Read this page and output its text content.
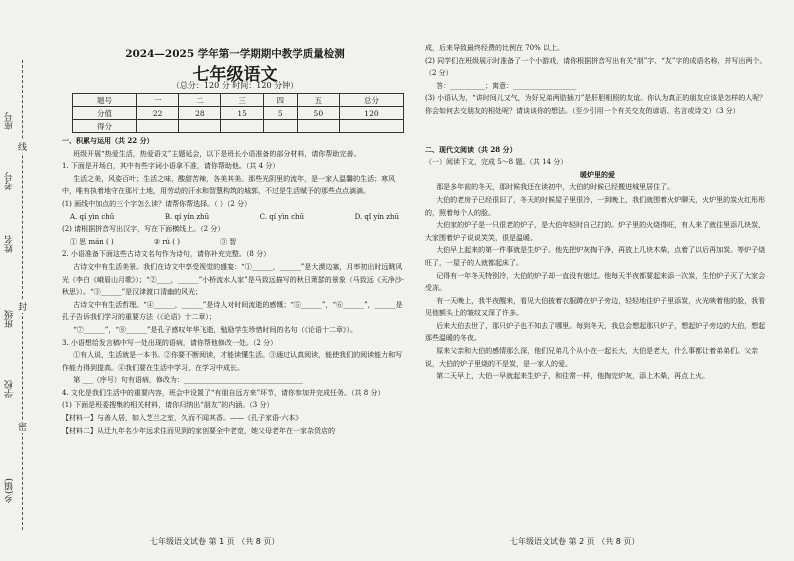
乡(镇)
学校
班级
姓名
考号
座号
密
封
线
2024—2025 学年第一学期期中教学质量检测
七年级语文
（总分：120 分 时间：120 分钟）
题号	一	二	三	四	五	总分
分值	22	28	15	5	50	120
得分						

一、积累与运用（共 22 分）

班级开展“热爱生活，热爱语文”主题延会，以下是班长小语准备的部分材料，请你帮助完善。

1. 下面是开场白，其中有些字词小语拿不准，请你帮助他。（共 4 分）

生活之美，风姿百叶；生活之味，酸甜苦辣，各美其美。那些光阴里的流年，是一家人温馨的生活；寒风中，唯有执着地守在那片土地，用劳动的汗水和智慧构筑的城郭，不过是生活赋予的那些点点滴滴。

(1) 画线中加点的三个字怎么读？请帮你帮选择。（ ）（2 分）

A. qí yìn chū	B. qí yín zhū	C. qí yìn chū	D. qǐ yín zhū

(2) 请根据拼音写出汉字，写在下面横线上。（2 分）

① 思 mán ( )	② rú ( )	③ 智

2. 小语准备下面这些古诗文名句作为诗句，请你补充完整。（8 分）

古诗文中有生活美景。我们在诗文中享受视觉的盛宴：“①______，______”是大漠边塞，月率初出时远眺风光（李白《峨眉山月歌》）；“②____，______”小桥流水人家”是马致远描写的秋日萧瑟的景象（马致远《天净沙·秋思》）。“③______”是汉津渡口清幽的风光；

古诗文中有生活哲理。“④______，______”是诗人对时间流逝的感慨；“⑤______”，“⑥______”，______是孔子告诉我们学习的重要方法（《论语》十二章）；

“⑦______”，“⑧______”是孔子感叹年华飞逝，勉励学生珍惜时间的名句（《论语十二章》）。

3. 小语想给发言稿中写一处出现的语病，请你帮他修改一处。（2 分）

①有人说，生活就是一本书。②你要不断阅读，才能读懂生活。③通过认真阅读，能使我们的阅读能力和写作能力得到提高。④我们要在生活中学习，在学习中成长。

第 ___（序号）句有语病，修改为：__________________________________

4. 文化是我们生活中的重要内容，班会中设置了“有朋自远方来”环节，请你参加并完成任务。（共 8 分）

(1) 下面是班委搜集的相关材料，请你归纳出“朋友”的内涵。（3 分）

【材料一】与善人居，如入芝兰之室，久而不闻其香。——《孔子家语·六本》

【材料二】从迁九年名少年远求住而见到的家创要全中老宽，她父母老年在一家杂货店的

七年级语文试卷 第 1 页 （共 8 页）

成，后来导致最终经费的比例在 70% 以上。

(2) 同学们在班级展示时准备了一个小游戏，请你根据拼音写出有关“朋”字、“友”字的成语名称，并写出两个。（2 分）

答：__________；寓意：__________________

(3) 小语认为，“讲时间儿又气，为好兄弟两肋插刀”是肝胆相照的友谊。你认为真正的朋友应该是怎样的人呢？你会如何去交朋友的相处呢？请谈谈你的想法。（至少引用一个有关交友的谚语、名言或诗文）（3 分）

二、现代文阅读（共 28 分）

（一）阅读下文，完成 5～8 题。（共 14 分）

暖炉里的爱

那是多年前的冬天，那时候我还在读初中，大伯的时候已经搬进城里居住了。

大伯的老房子已经很旧了，冬天的时候屋子里很冷，一到晚上，我们就围着火炉聊天，火炉里的炭火红彤彤的，照着每个人的脸。

大伯家的炉子是一只很老的炉子，是大伯年轻时自己打的。炉子里的火烧得旺，有人来了就往里添几块炭，大家围着炉子说说笑笑，很是温暖。

大伯早上起来的第一件事就是生炉子。他先把炉灰掏干净，再放上几块木柴，点着了以后再加炭。等炉子烧旺了，一屋子的人就都起床了。

记得有一年冬天特别冷，大伯的炉子却一直没有熄过。他每天半夜都要起来添一次炭，生怕炉子灭了大家会受冻。

有一天晚上，我半夜醒来，看见大伯披着衣服蹲在炉子旁边，轻轻地往炉子里添炭，火光映着他的脸，我看见他额头上的皱纹又深了许多。

后来大伯去世了，那只炉子也不知去了哪里。每到冬天，我总会想起那只炉子，想起炉子旁边的大伯，想起那些温暖的冬夜。

原来父亲和大伯的感情那么深，他们兄弟几个从小在一起长大，大伯是老大，什么事都让着弟弟们。父亲说，大伯的炉子里烧的不是炭，是一家人的爱。

第二天早上，大伯一早就起来生炉子，和往常一样，他掏完炉灰，添上木柴，再点上火。

七年级语文试卷 第 2 页 （共 8 页）
